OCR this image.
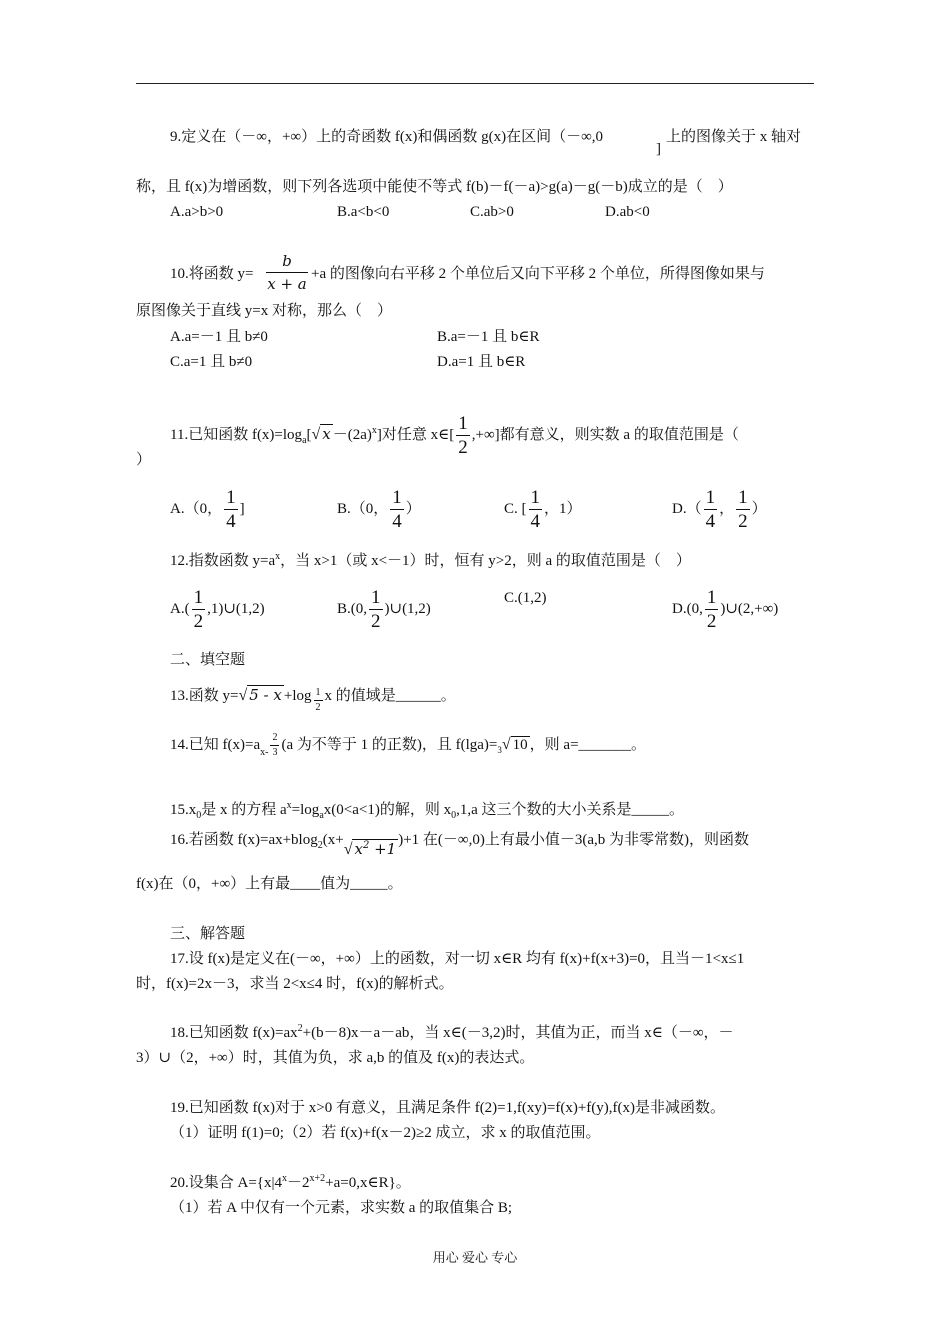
9.定义在（－∞，+∞）上的奇函数 f(x)和偶函数 g(x)在区间（－∞,0
]
上的图像关于 x 轴对
称，且 f(x)为增函数，则下列各选项中能使不等式 f(b)－f(－a)>g(a)－g(－b)成立的是（　）
A.a>b>0	B.a<b<0	C.ab>0	D.ab<0
10.将函数 $y= \frac{b}{x + a} +a$ 的图像向右平移 2 个单位后又向下平移 2 个单位，所得图像如果与
原图像关于直线 y=x 对称，那么（　）
A.a=－1 且 b≠0	B.a=－1 且 b∈R
C.a=1 且 b≠0	D.a=1 且 b∈R
11.已知函数 $f(x)=\log_a[√$ $x -(2a)^x$]对任意 x∈[ $\frac{1}{2}$ ,+∞]都有意义，则实数 a 的取值范围是（
）
A.（0， $\frac{1}{4}$ ]	B.（0， $\frac{1}{4}$ ）	C. [ $\frac{1}{4}$ ，1）	$D.( \frac{1}{4}$ ， $\frac{1}{2}$ ）
12.指数函数 $y=a^x$，当 x>1（或 x<－1）时，恒有 y>2，则 a 的取值范围是（　）
$A.( \frac{1}{2}$ ,1)∪(1,2)	B.(0, $\frac{1}{2}$ )∪(1,2)
C.(1,2)
D.(0, $\frac{1}{2}$ )∪(2,+∞)
二、填空题
13.函数 y=√ $5 - x +\log \frac{1}{2}$ x 的值域是______。
14.已知 $f(x)=a_{x-} \frac{2}{3} (a$ 为不等于 1 的正数)，且 $f(\lg a)=_3√$ 10 ，则 a=_______。
$15.x_0$是 x 的方程 $a^x=\log_ax(0<a<1)$的解，则 $x_0,1,a$ 这三个数的大小关系是_____。
16.若函数 f(x)=ax+blog$_2$(x+√ $x^2 +1$ )+1 在(－∞,0)上有最小值－3(a,b 为非零常数)，则函数
f(x)在（0，+∞）上有最____值为_____。
三、解答题
17.设 f(x)是定义在(－∞，+∞）上的函数，对一切 x∈R 均有 f(x)+f(x+3)=0，且当－1<x≤1
时，f(x)=2x－3，求当 2<x≤4 时，f(x)的解析式。
18.已知函数 $f(x)=ax^2+(b-8)x-a-ab$，当 x∈(－3,2)时，其值为正，而当 x∈（－∞，－
3）∪（2，+∞）时，其值为负，求 a,b 的值及 f(x)的表达式。
19.已知函数 f(x)对于 x>0 有意义，且满足条件 f(2)=1,f(xy)=f(x)+f(y),f(x)是非减函数。
（1）证明 f(1)=0;（2）若 f(x)+f(x－2)≥2 成立，求 x 的取值范围。
20.设集合 $A=\{x|4^x-2^{x+2}+a=0,x\in R\}$。
（1）若 A 中仅有一个元素，求实数 a 的取值集合 B;
用心 爱心 专心
